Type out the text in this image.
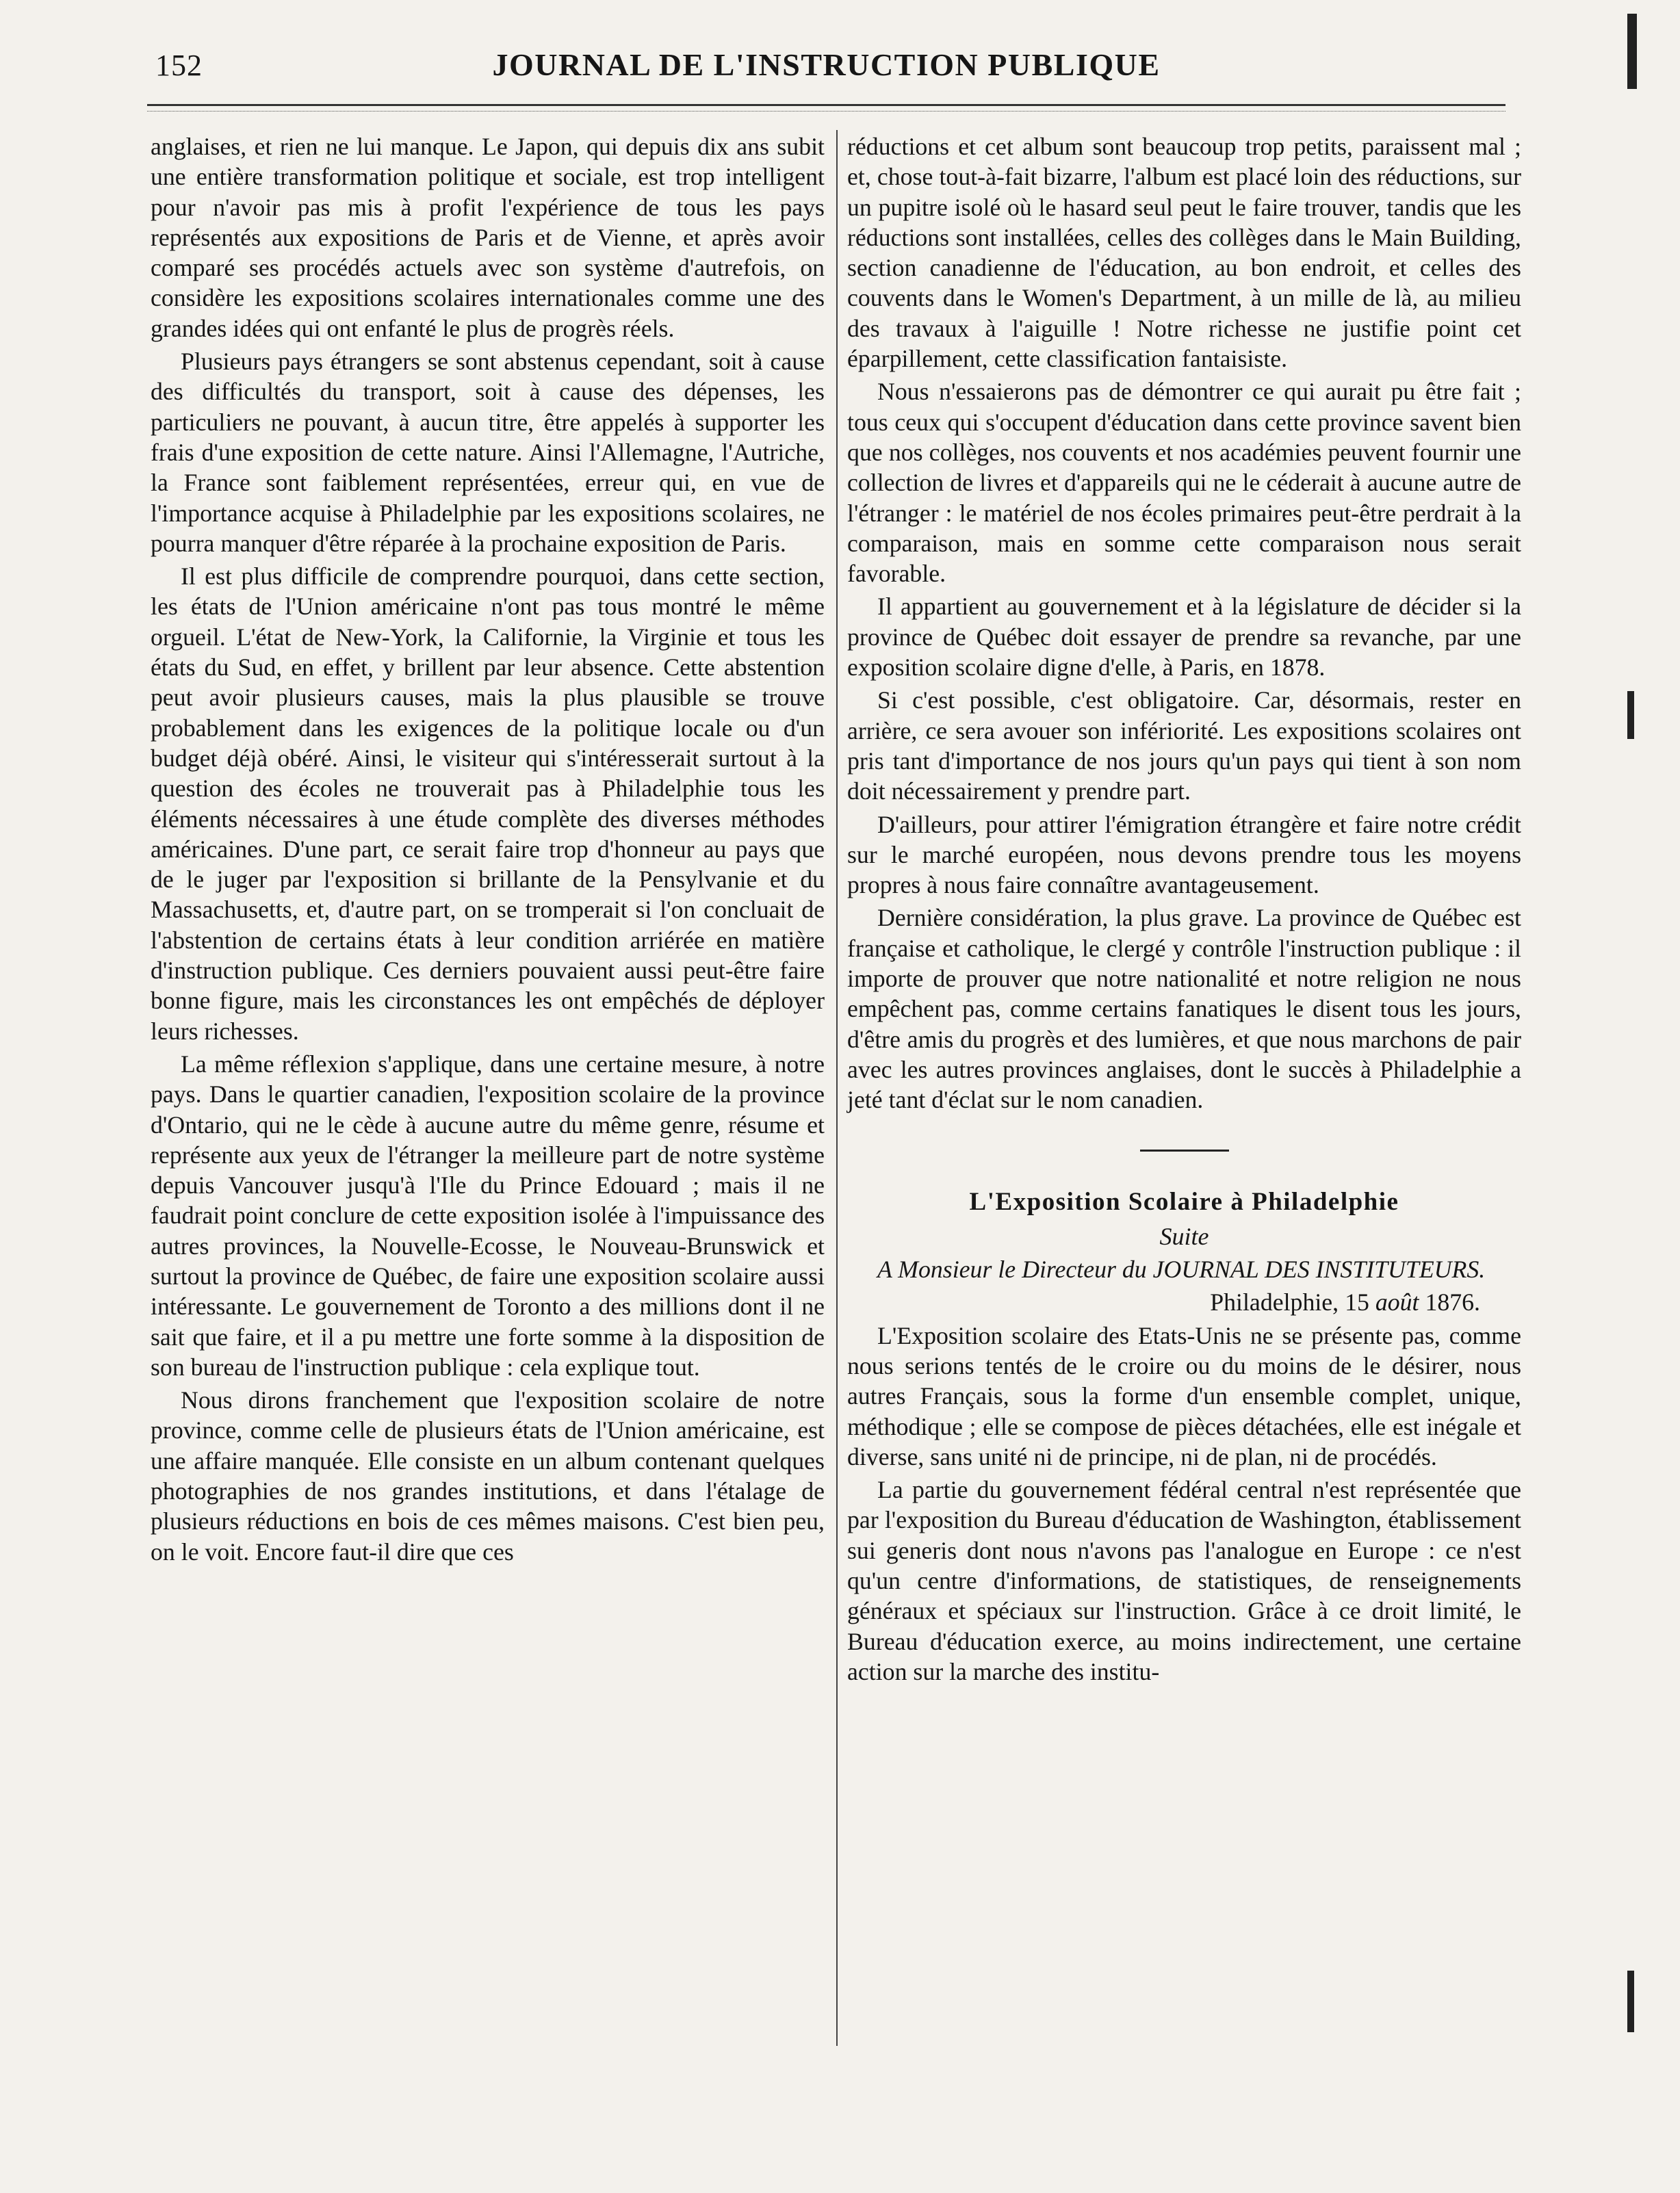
152	JOURNAL DE L'INSTRUCTION PUBLIQUE

anglaises, et rien ne lui manque. Le Japon, qui depuis dix ans subit une entière transformation politique et sociale, est trop intelligent pour n'avoir pas mis à profit l'expérience de tous les pays représentés aux expositions de Paris et de Vienne, et après avoir comparé ses procédés actuels avec son système d'autrefois, on considère les expositions scolaires internationales comme une des grandes idées qui ont enfanté le plus de progrès réels.

Plusieurs pays étrangers se sont abstenus cependant, soit à cause des difficultés du transport, soit à cause des dépenses, les particuliers ne pouvant, à aucun titre, être appelés à supporter les frais d'une exposition de cette nature. Ainsi l'Allemagne, l'Autriche, la France sont faiblement représentées, erreur qui, en vue de l'importance acquise à Philadelphie par les expositions scolaires, ne pourra manquer d'être réparée à la prochaine exposition de Paris.

Il est plus difficile de comprendre pourquoi, dans cette section, les états de l'Union américaine n'ont pas tous montré le même orgueil. L'état de New-York, la Californie, la Virginie et tous les états du Sud, en effet, y brillent par leur absence. Cette abstention peut avoir plusieurs causes, mais la plus plausible se trouve probablement dans les exigences de la politique locale ou d'un budget déjà obéré. Ainsi, le visiteur qui s'intéresserait surtout à la question des écoles ne trouverait pas à Philadelphie tous les éléments nécessaires à une étude complète des diverses méthodes américaines. D'une part, ce serait faire trop d'honneur au pays que de le juger par l'exposition si brillante de la Pensylvanie et du Massachusetts, et, d'autre part, on se tromperait si l'on concluait de l'abstention de certains états à leur condition arriérée en matière d'instruction publique. Ces derniers pouvaient aussi peut-être faire bonne figure, mais les circonstances les ont empêchés de déployer leurs richesses.

La même réflexion s'applique, dans une certaine mesure, à notre pays. Dans le quartier canadien, l'exposition scolaire de la province d'Ontario, qui ne le cède à aucune autre du même genre, résume et représente aux yeux de l'étranger la meilleure part de notre système depuis Vancouver jusqu'à l'Ile du Prince Edouard ; mais il ne faudrait point conclure de cette exposition isolée à l'impuissance des autres provinces, la Nouvelle-Ecosse, le Nouveau-Brunswick et surtout la province de Québec, de faire une exposition scolaire aussi intéressante. Le gouvernement de Toronto a des millions dont il ne sait que faire, et il a pu mettre une forte somme à la disposition de son bureau de l'instruction publique : cela explique tout.

Nous dirons franchement que l'exposition scolaire de notre province, comme celle de plusieurs états de l'Union américaine, est une affaire manquée. Elle consiste en un album contenant quelques photographies de nos grandes institutions, et dans l'étalage de plusieurs réductions en bois de ces mêmes maisons. C'est bien peu, on le voit. Encore faut-il dire que ces

réductions et cet album sont beaucoup trop petits, paraissent mal ; et, chose tout-à-fait bizarre, l'album est placé loin des réductions, sur un pupitre isolé où le hasard seul peut le faire trouver, tandis que les réductions sont installées, celles des collèges dans le Main Building, section canadienne de l'éducation, au bon endroit, et celles des couvents dans le Women's Department, à un mille de là, au milieu des travaux à l'aiguille ! Notre richesse ne justifie point cet éparpillement, cette classification fantaisiste.

Nous n'essaierons pas de démontrer ce qui aurait pu être fait ; tous ceux qui s'occupent d'éducation dans cette province savent bien que nos collèges, nos couvents et nos académies peuvent fournir une collection de livres et d'appareils qui ne le céderait à aucune autre de l'étranger : le matériel de nos écoles primaires peut-être perdrait à la comparaison, mais en somme cette comparaison nous serait favorable.

Il appartient au gouvernement et à la législature de décider si la province de Québec doit essayer de prendre sa revanche, par une exposition scolaire digne d'elle, à Paris, en 1878.

Si c'est possible, c'est obligatoire. Car, désormais, rester en arrière, ce sera avouer son infériorité. Les expositions scolaires ont pris tant d'importance de nos jours qu'un pays qui tient à son nom doit nécessairement y prendre part.

D'ailleurs, pour attirer l'émigration étrangère et faire notre crédit sur le marché européen, nous devons prendre tous les moyens propres à nous faire connaître avantageusement.

Dernière considération, la plus grave. La province de Québec est française et catholique, le clergé y contrôle l'instruction publique : il importe de prouver que notre nationalité et notre religion ne nous empêchent pas, comme certains fanatiques le disent tous les jours, d'être amis du progrès et des lumières, et que nous marchons de pair avec les autres provinces anglaises, dont le succès à Philadelphie a jeté tant d'éclat sur le nom canadien.

L'Exposition Scolaire à Philadelphie
Suite

A Monsieur le Directeur du JOURNAL DES INSTITUTEURS.

Philadelphie, 15 août 1876.

L'Exposition scolaire des Etats-Unis ne se présente pas, comme nous serions tentés de le croire ou du moins de le désirer, nous autres Français, sous la forme d'un ensemble complet, unique, méthodique ; elle se compose de pièces détachées, elle est inégale et diverse, sans unité ni de principe, ni de plan, ni de procédés.

La partie du gouvernement fédéral central n'est représentée que par l'exposition du Bureau d'éducation de Washington, établissement sui generis dont nous n'avons pas l'analogue en Europe : ce n'est qu'un centre d'informations, de statistiques, de renseignements généraux et spéciaux sur l'instruction. Grâce à ce droit limité, le Bureau d'éducation exerce, au moins indirectement, une certaine action sur la marche des institu-
